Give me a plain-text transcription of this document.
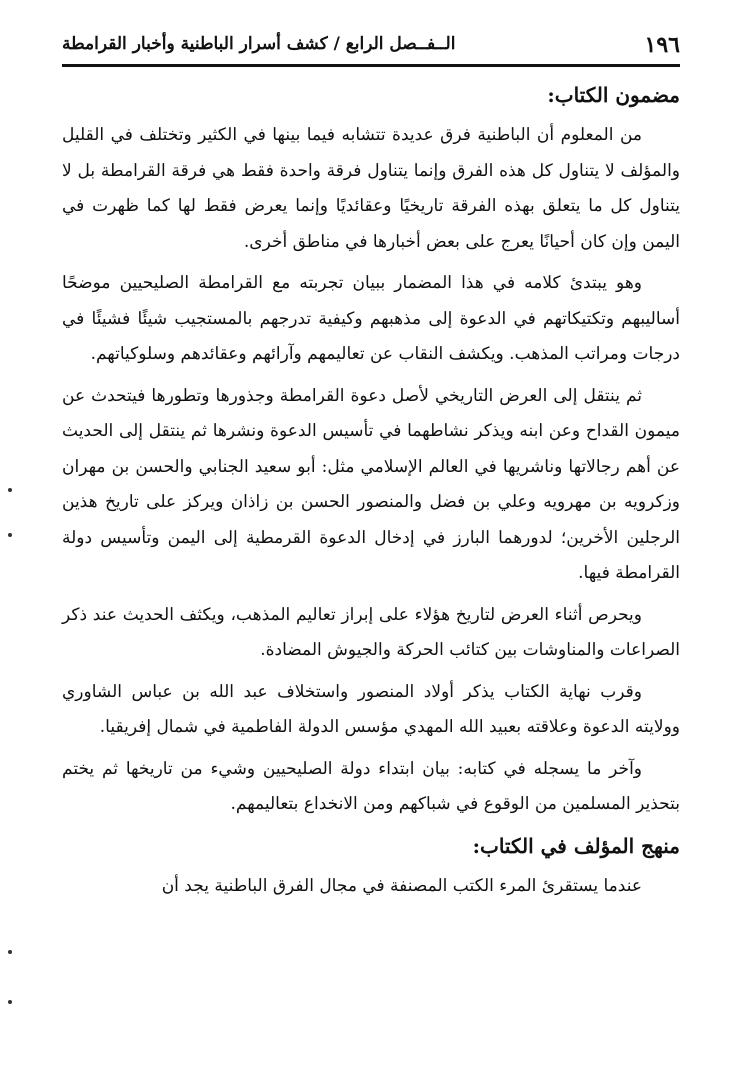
١٩٦
الــفــصل الرابع / كشف أسرار الباطنية وأخبار القرامطة
مضمون الكتاب:

من المعلوم أن الباطنية فرق عديدة تتشابه فيما بينها في الكثير وتختلف في القليل والمؤلف لا يتناول كل هذه الفرق وإنما يتناول فرقة واحدة فقط هي فرقة القرامطة بل لا يتناول كل ما يتعلق بهذه الفرقة تاريخيًا وعقائديًا وإنما يعرض فقط لها كما ظهرت في اليمن وإن كان أحيانًا يعرج على بعض أخبارها في مناطق أخرى.

وهو يبتدئ كلامه في هذا المضمار ببيان تجربته مع القرامطة الصليحيين موضحًا أساليبهم وتكتيكاتهم في الدعوة إلى مذهبهم وكيفية تدرجهم بالمستجيب شيئًا فشيئًا في درجات ومراتب المذهب. ويكشف النقاب عن تعاليمهم وآرائهم وعقائدهم وسلوكياتهم.

ثم ينتقل إلى العرض التاريخي لأصل دعوة القرامطة وجذورها وتطورها فيتحدث عن ميمون القداح وعن ابنه ويذكر نشاطهما في تأسيس الدعوة ونشرها ثم ينتقل إلى الحديث عن أهم رجالاتها وناشريها في العالم الإسلامي مثل: أبو سعيد الجنابي والحسن بن مهران وزكرويه بن مهرويه وعلي بن فضل والمنصور الحسن بن زاذان ويركز على تاريخ هذين الرجلين الأخرين؛ لدورهما البارز في إدخال الدعوة القرمطية إلى اليمن وتأسيس دولة القرامطة فيها.

ويحرص أثناء العرض لتاريخ هؤلاء على إبراز تعاليم المذهب، ويكثف الحديث عند ذكر الصراعات والمناوشات بين كتائب الحركة والجيوش المضادة.

وقرب نهاية الكتاب يذكر أولاد المنصور واستخلاف عبد الله بن عباس الشاوري وولايته الدعوة وعلاقته بعبيد الله المهدي مؤسس الدولة الفاطمية في شمال إفريقيا.

وآخر ما يسجله في كتابه: بيان ابتداء دولة الصليحيين وشيء من تاريخها ثم يختم بتحذير المسلمين من الوقوع في شباكهم ومن الانخداع بتعاليمهم.

منهج المؤلف في الكتاب:

عندما يستقرئ المرء الكتب المصنفة في مجال الفرق الباطنية يجد أن
